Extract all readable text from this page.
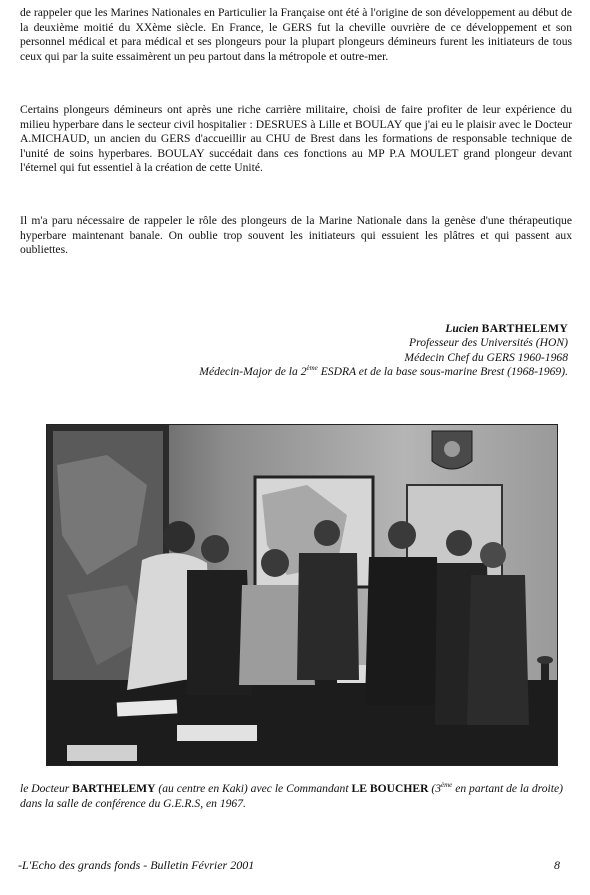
de rappeler que les Marines Nationales en Particulier la Française ont été à l'origine de son développement au début de la deuxième moitié du XXème siècle. En France, le GERS fut la cheville ouvrière de ce développement et son personnel médical et para médical et ses plongeurs pour la plupart plongeurs démineurs furent les initiateurs de tous ceux qui par la suite essaimèrent un peu partout dans la métropole et outre-mer.

Certains plongeurs démineurs ont après une riche carrière militaire, choisi de faire profiter de leur expérience du milieu hyperbare dans le secteur civil hospitalier : DESRUES à Lille et BOULAY que j'ai eu le plaisir avec le Docteur A.MICHAUD, un ancien du GERS d'accueillir au CHU de Brest dans les formations de responsable technique de l'unité de soins hyperbares. BOULAY succédait dans ces fonctions au MP P.A MOULET grand plongeur devant l'éternel qui fut essentiel à la création de cette Unité.

Il m'a paru nécessaire de rappeler le rôle des plongeurs de la Marine Nationale dans la genèse d'une thérapeutique hyperbare maintenant banale. On oublie trop souvent les initiateurs qui essuient les plâtres et qui passent aux oubliettes.

Lucien BARTHELEMY
Professeur des Universités (HON)
Médecin Chef du GERS 1960-1968
Médecin-Major de la 2ème ESDRA et de la base sous-marine Brest (1968-1969).
le Docteur BARTHELEMY (au centre en Kaki) avec le Commandant LE BOUCHER (3ème en partant de la droite) dans la salle de conférence du G.E.R.S, en 1967.
-L'Echo des grands fonds - Bulletin Février 2001	8
